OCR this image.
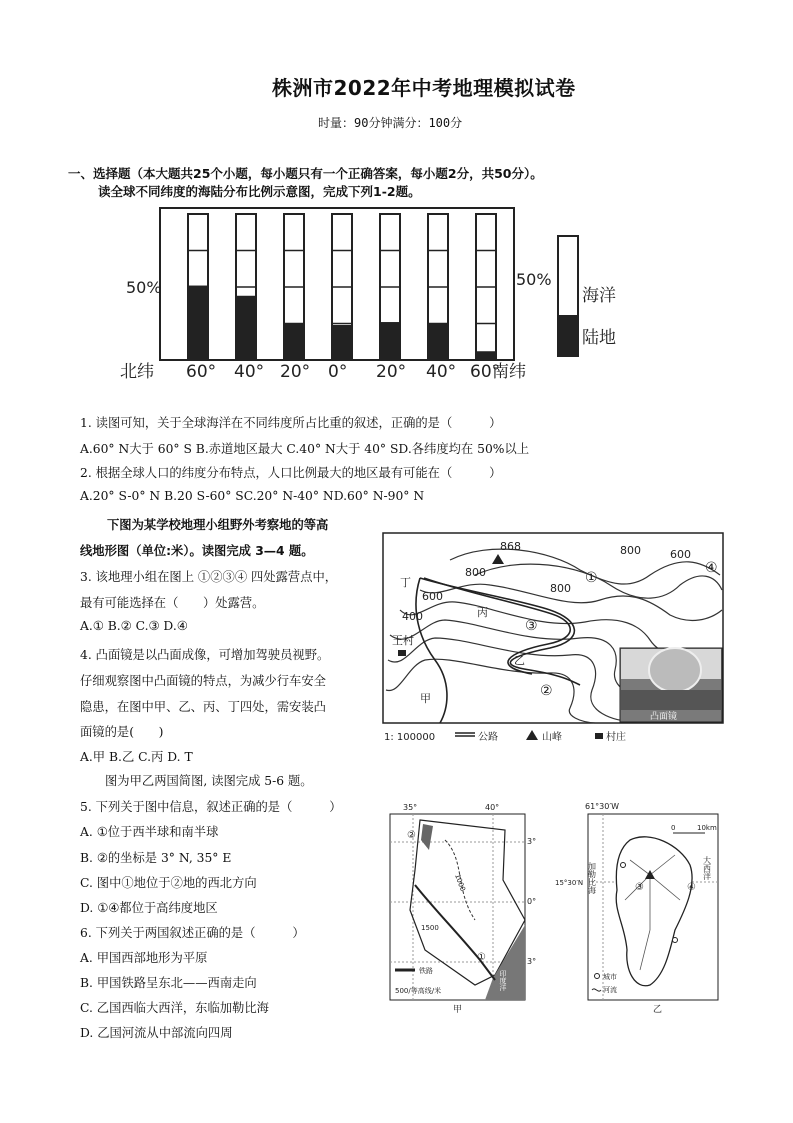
株洲市2022年中考地理模拟试卷
时量：90分钟满分：100分
一、选择题（本大题共25个小题，每小题只有一个正确答案，每小题2分，共50分）。
读全球不同纬度的海陆分布比例示意图，完成下列1-2题。
50%	50%
北纬 60° 40° 20° 0° 20° 40° 60°
南纬
海洋
陆地
1. 读图可知，关于全球海洋在不同纬度所占比重的叙述，正确的是（　　　）
A.60° N大于 60° S B.赤道地区最大 C.40° N大于 40° SD.各纬度均在 50%以上
2. 根据全球人口的纬度分布特点，人口比例最大的地区最有可能在（　　　）
A.20° S-0° N B.20 S-60° SC.20° N-40° ND.60° N-90° N
下图为某学校地理小组野外考察地的等高
线地形图（单位:米）。读图完成 3—4 题。
3. 该地理小组在图上 ①②③④ 四处露营点中，
最有可能选择在（　　）处露营。
A.① B.② C.③ D.④
4. 凸面镜是以凸面成像，可增加驾驶员视野。
仔细观察图中凸面镜的特点，为减少行车安全
隐患，在图中甲、乙、丙、丁四处，需安装凸
面镜的是(　　)
A.甲 B.乙 C.丙 D. T
868
800
800
800	600
600
400
①
②
③
④
丁
丙
乙
甲
王村
凸面镜
1: 100000	公路	山峰	村庄
图为甲乙两国简图, 读图完成 5-6 题。
5. 下列关于图中信息，叙述正确的是（　　　）
A. ①位于西半球和南半球
B. ②的坐标是 3° N, 35° E
C. 图中①地位于②地的西北方向
D. ①④都位于高纬度地区
6. 下列关于两国叙述正确的是（　　　）
A. 甲国西部地形为平原
B. 甲国铁路呈东北——西南走向
C. 乙国西临大西洋，东临加勒比海
D. 乙国河流从中部流向四周
35°	40°
3°
0°
3°
印度洋
1000
1500
①
②
铁路
500∕等高线/米
甲
61°30′W
15°30′N
0	10km
③	④
加勒比海	大西洋
城市
河流
乙
